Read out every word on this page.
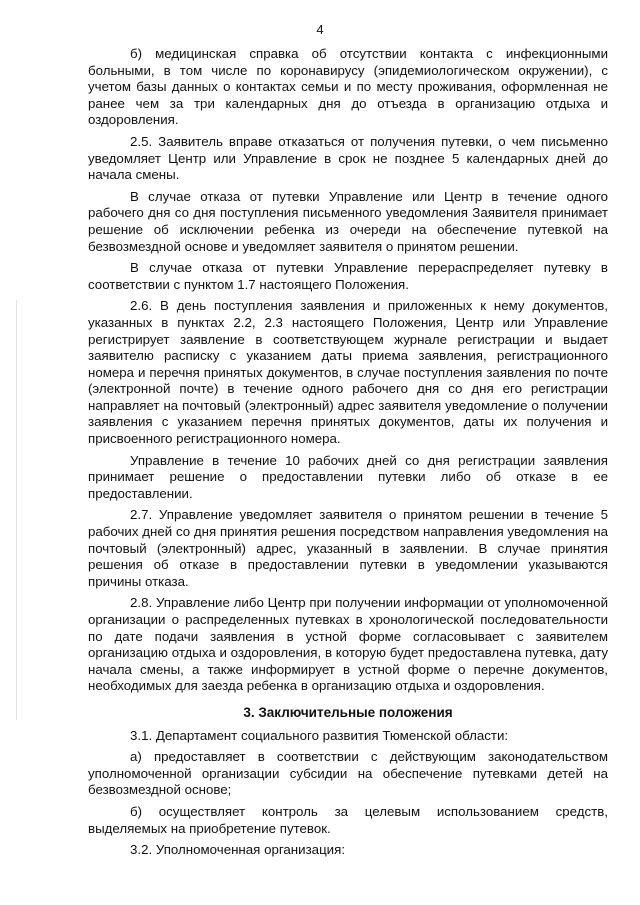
4

б) медицинская справка об отсутствии контакта с инфекционными больными, в том числе по коронавирусу (эпидемиологическом окружении), с учетом базы данных о контактах семьи и по месту проживания, оформленная не ранее чем за три календарных дня до отъезда в организацию отдыха и оздоровления.

2.5. Заявитель вправе отказаться от получения путевки, о чем письменно уведомляет Центр или Управление в срок не позднее 5 календарных дней до начала смены.

В случае отказа от путевки Управление или Центр в течение одного рабочего дня со дня поступления письменного уведомления Заявителя принимает решение об исключении ребенка из очереди на обеспечение путевкой на безвозмездной основе и уведомляет заявителя о принятом решении.

В случае отказа от путевки Управление перераспределяет путевку в соответствии с пунктом 1.7 настоящего Положения.

2.6. В день поступления заявления и приложенных к нему документов, указанных в пунктах 2.2, 2.3 настоящего Положения, Центр или Управление регистрирует заявление в соответствующем журнале регистрации и выдает заявителю расписку с указанием даты приема заявления, регистрационного номера и перечня принятых документов, в случае поступления заявления по почте (электронной почте) в течение одного рабочего дня со дня его регистрации направляет на почтовый (электронный) адрес заявителя уведомление о получении заявления с указанием перечня принятых документов, даты их получения и присвоенного регистрационного номера.

Управление в течение 10 рабочих дней со дня регистрации заявления принимает решение о предоставлении путевки либо об отказе в ее предоставлении.

2.7. Управление уведомляет заявителя о принятом решении в течение 5 рабочих дней со дня принятия решения посредством направления уведомления на почтовый (электронный) адрес, указанный в заявлении. В случае принятия решения об отказе в предоставлении путевки в уведомлении указываются причины отказа.

2.8. Управление либо Центр при получении информации от уполномоченной организации о распределенных путевках в хронологической последовательности по дате подачи заявления в устной форме согласовывает с заявителем организацию отдыха и оздоровления, в которую будет предоставлена путевка, дату начала смены, а также информирует в устной форме о перечне документов, необходимых для заезда ребенка в организацию отдыха и оздоровления.

3. Заключительные положения

3.1. Департамент социального развития Тюменской области:

а) предоставляет в соответствии с действующим законодательством уполномоченной организации субсидии на обеспечение путевками детей на безвозмездной основе;

б) осуществляет контроль за целевым использованием средств, выделяемых на приобретение путевок.

3.2. Уполномоченная организация:
